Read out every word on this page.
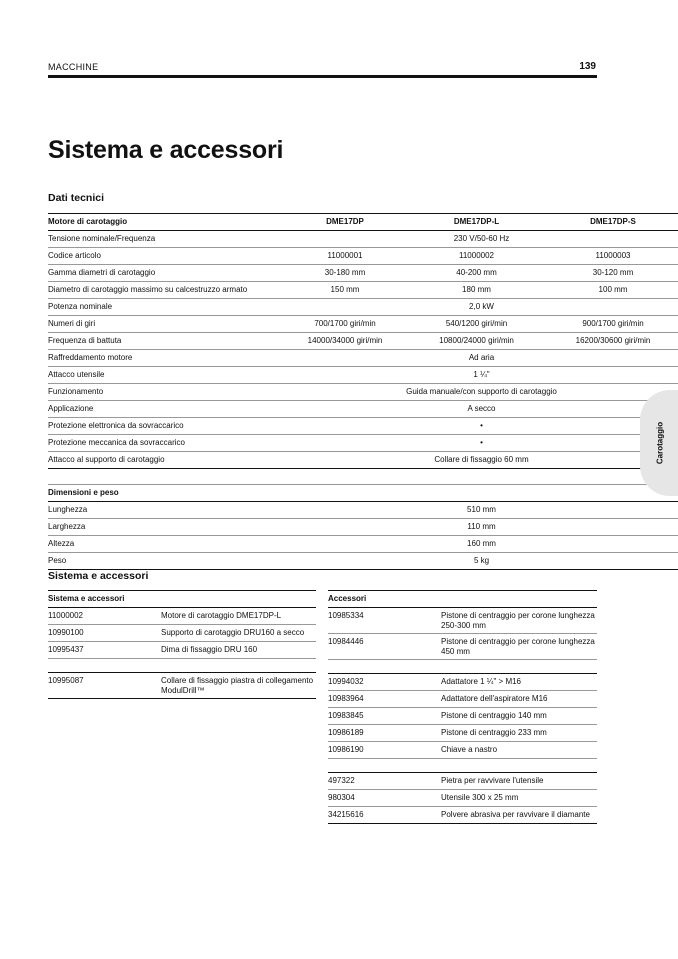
MACCHINE	139
Sistema e accessori
Dati tecnici
Motore di carotaggio	DME17DP	DME17DP-L	DME17DP-S
Tensione nominale/Frequenza	230 V/50-60 Hz		
Codice articolo	11000001	11000002	11000003
Gamma diametri di carotaggio	30-180 mm	40-200 mm	30-120 mm
Diametro di carotaggio massimo su calcestruzzo armato	150 mm	180 mm	100 mm
Potenza nominale	2,0 kW		
Numeri di giri	700/1700 giri/min	540/1200 giri/min	900/1700 giri/min
Frequenza di battuta	14000/34000 giri/min	10800/24000 giri/min	16200/30600 giri/min
Raffreddamento motore	Ad aria		
Attacco utensile	1 ¼"		
Funzionamento	Guida manuale/con supporto di carotaggio		
Applicazione	A secco		
Protezione elettronica da sovraccarico	•		
Protezione meccanica da sovraccarico	•		
Attacco al supporto di carotaggio	Collare di fissaggio 60 mm		

Dimensioni e peso			
Lunghezza	510 mm		
Larghezza	110 mm		
Altezza	160 mm		
Peso	5 kg		
Sistema e accessori
Sistema e accessori	
11000002	Motore di carotaggio DME17DP-L
10990100	Supporto di carotaggio DRU160 a secco
10995437	Dima di fissaggio DRU 160

10995087	Collare di fissaggio piastra di collegamento ModulDrill™
Accessori	
10985334	Pistone di centraggio per corone lunghezza 250-300 mm
10984446	Pistone di centraggio per corone lunghezza 450 mm

10994032	Adattatore 1 ¼" > M16
10983964	Adattatore dell'aspiratore M16
10983845	Pistone di centraggio 140 mm
10986189	Pistone di centraggio 233 mm
10986190	Chiave a nastro

497322	Pietra per ravvivare l'utensile
980304	Utensile 300 x 25 mm
34215616	Polvere abrasiva per ravvivare il diamante
Carotaggio
